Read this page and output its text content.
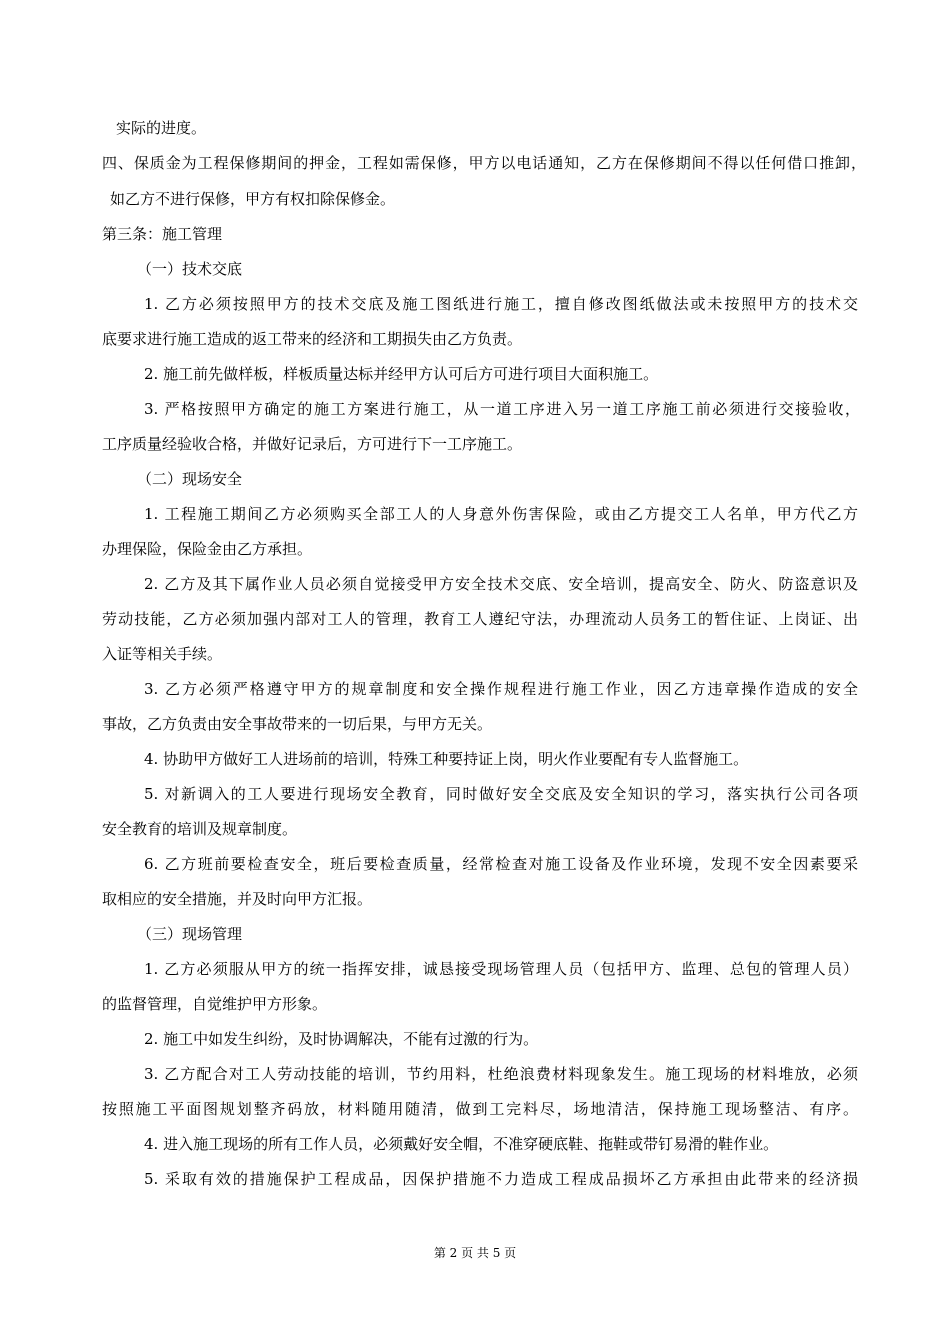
实际的进度。
四、保质金为工程保修期间的押金，工程如需保修，甲方以电话通知，乙方在保修期间不得以任何借口推卸，
如乙方不进行保修，甲方有权扣除保修金。
第三条：施工管理
（一）技术交底
1. 乙方必须按照甲方的技术交底及施工图纸进行施工，擅自修改图纸做法或未按照甲方的技术交
底要求进行施工造成的返工带来的经济和工期损失由乙方负责。
2. 施工前先做样板，样板质量达标并经甲方认可后方可进行项目大面积施工。
3. 严格按照甲方确定的施工方案进行施工，从一道工序进入另一道工序施工前必须进行交接验收，
工序质量经验收合格，并做好记录后，方可进行下一工序施工。
（二）现场安全
1. 工程施工期间乙方必须购买全部工人的人身意外伤害保险，或由乙方提交工人名单，甲方代乙方
办理保险，保险金由乙方承担。
2. 乙方及其下属作业人员必须自觉接受甲方安全技术交底、安全培训，提高安全、防火、防盗意识及
劳动技能，乙方必须加强内部对工人的管理，教育工人遵纪守法，办理流动人员务工的暂住证、上岗证、出
入证等相关手续。
3. 乙方必须严格遵守甲方的规章制度和安全操作规程进行施工作业，因乙方违章操作造成的安全
事故，乙方负责由安全事故带来的一切后果，与甲方无关。
4. 协助甲方做好工人进场前的培训，特殊工种要持证上岗，明火作业要配有专人监督施工。
5. 对新调入的工人要进行现场安全教育，同时做好安全交底及安全知识的学习，落实执行公司各项
安全教育的培训及规章制度。
6. 乙方班前要检查安全，班后要检查质量，经常检查对施工设备及作业环境，发现不安全因素要采
取相应的安全措施，并及时向甲方汇报。
（三）现场管理
1. 乙方必须服从甲方的统一指挥安排，诚恳接受现场管理人员（包括甲方、监理、总包的管理人员）
的监督管理，自觉维护甲方形象。
2. 施工中如发生纠纷，及时协调解决，不能有过激的行为。
3. 乙方配合对工人劳动技能的培训，节约用料，杜绝浪费材料现象发生。施工现场的材料堆放，必须
按照施工平面图规划整齐码放，材料随用随清，做到工完料尽，场地清洁，保持施工现场整洁、有序。
4. 进入施工现场的所有工作人员，必须戴好安全帽，不准穿硬底鞋、拖鞋或带钉易滑的鞋作业。
5. 采取有效的措施保护工程成品，因保护措施不力造成工程成品损坏乙方承担由此带来的经济损
第 2 页 共 5 页
